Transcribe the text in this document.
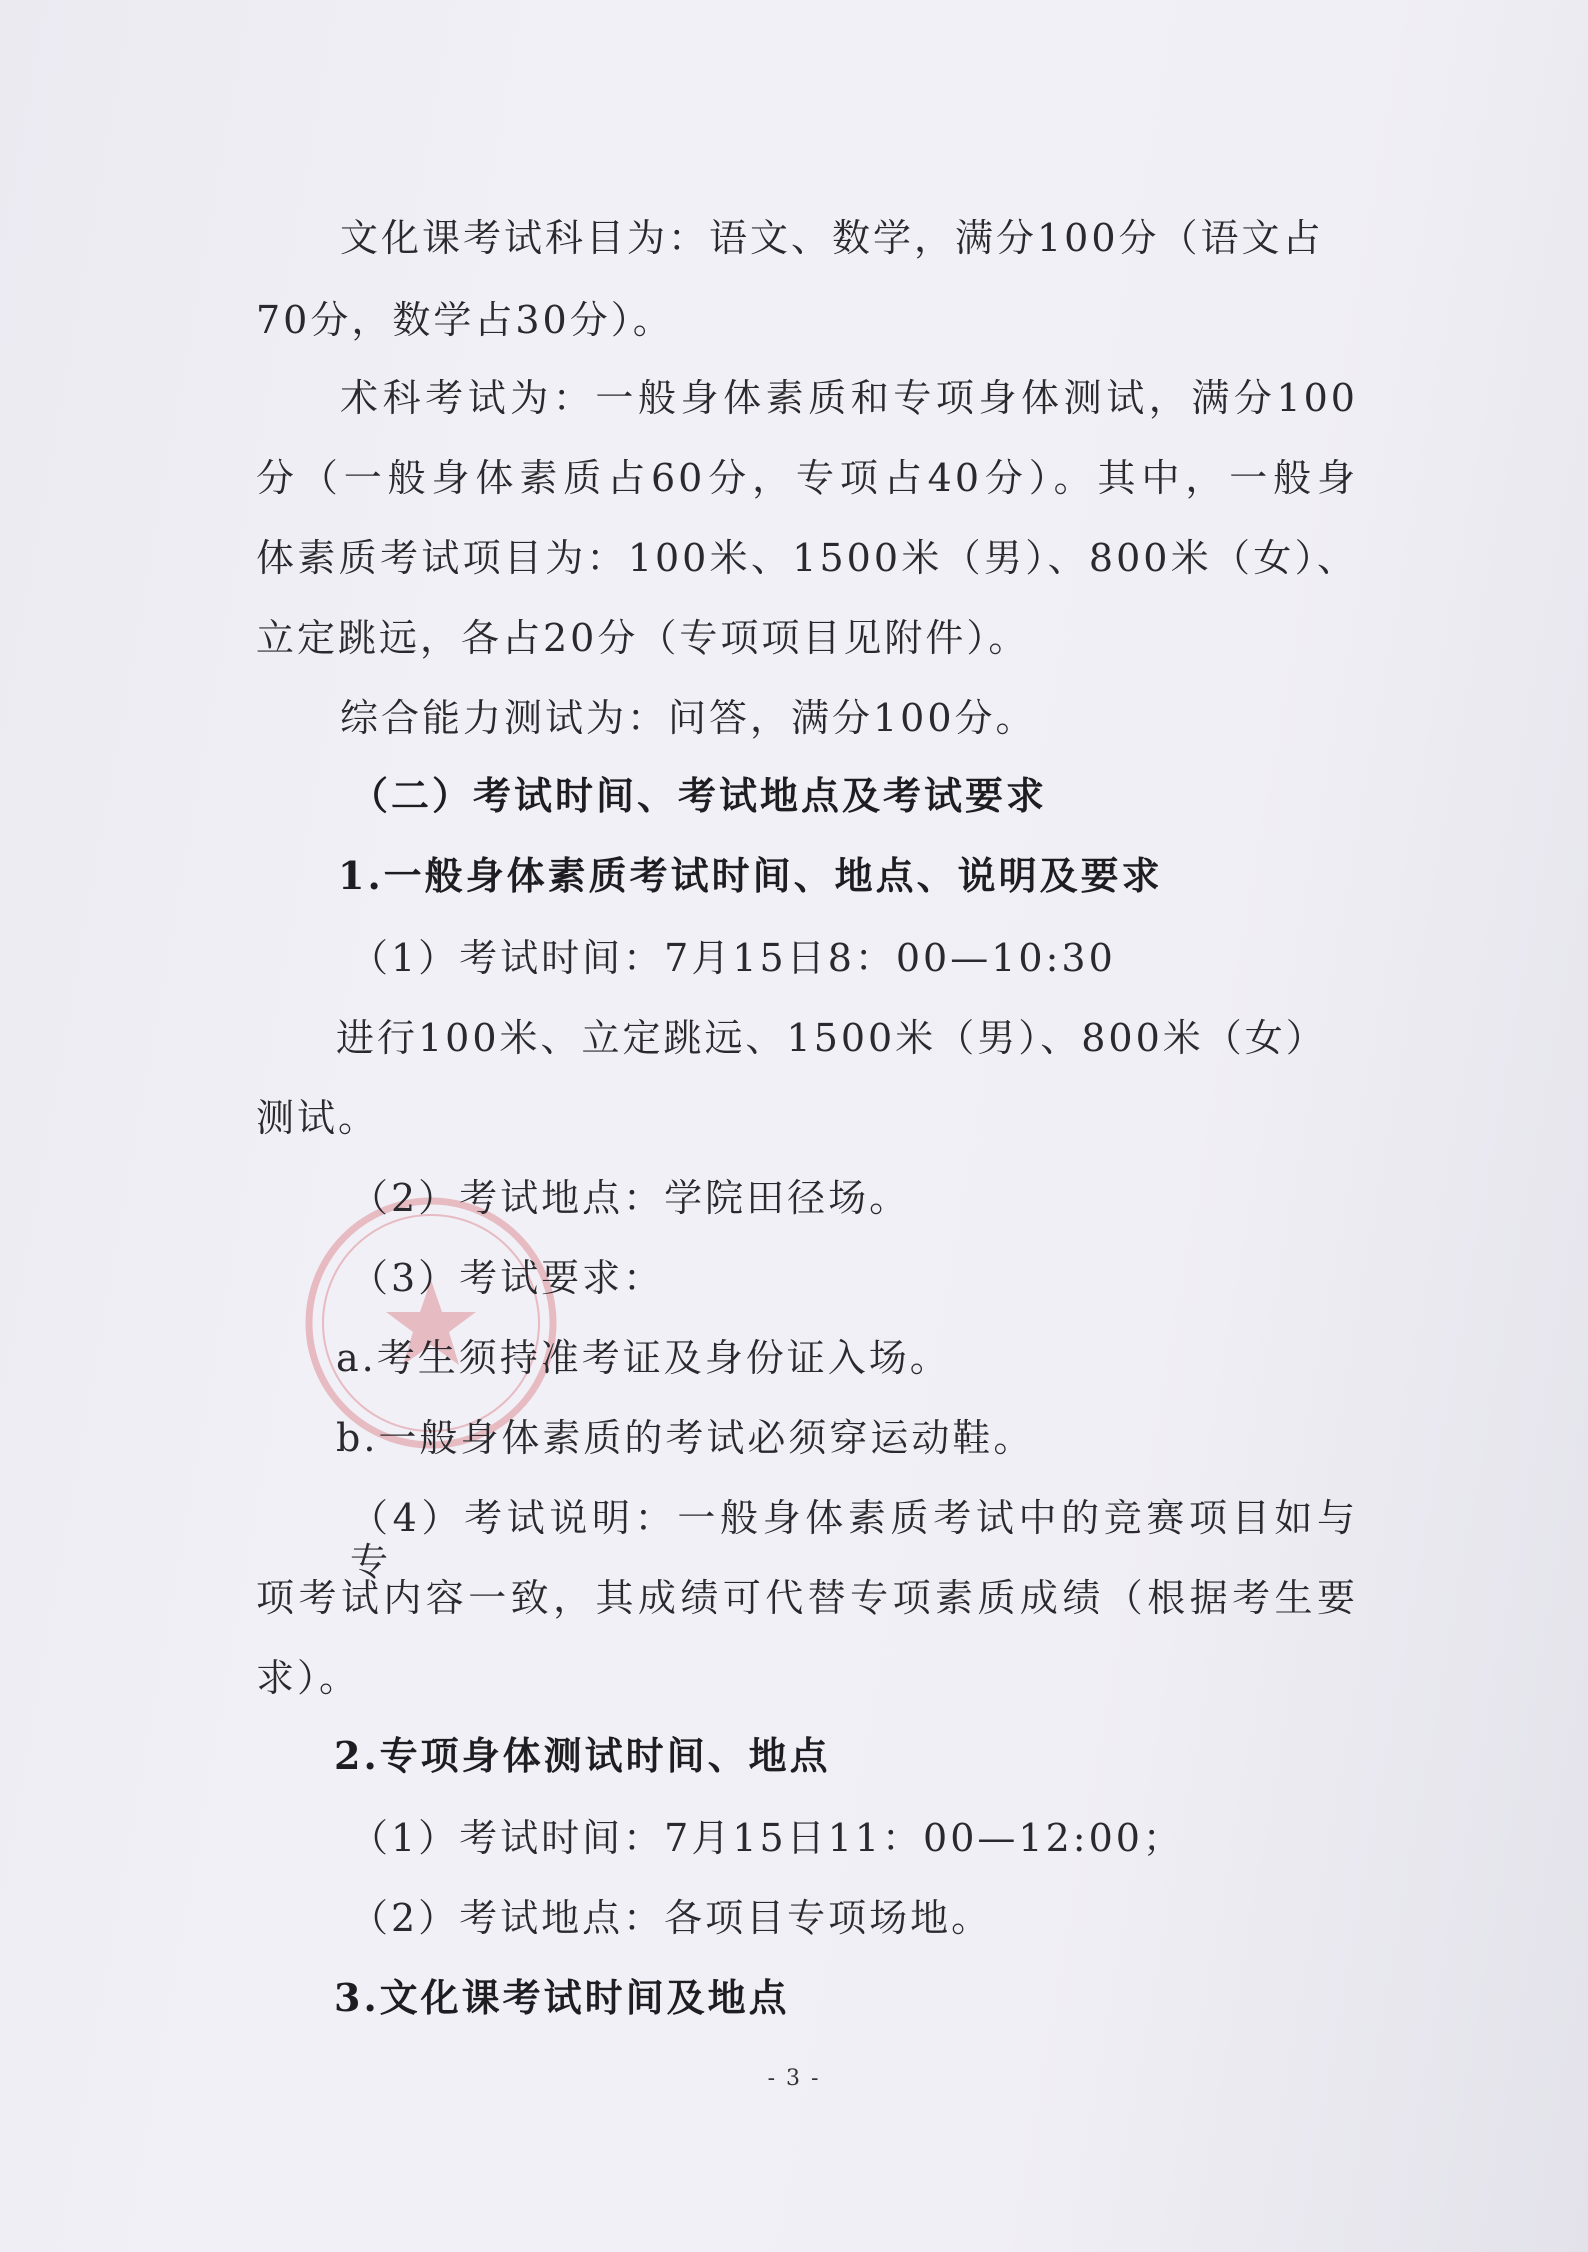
文化课考试科目为：语文、数学，满分100分（语文占
70分，数学占30分）。
术科考试为：一般身体素质和专项身体测试，满分100
分（一般身体素质占60分，专项占40分）。其中，一般身
体素质考试项目为：100米、1500米（男）、800米（女）、
立定跳远，各占20分（专项项目见附件）。
综合能力测试为：问答，满分100分。
（二）考试时间、考试地点及考试要求
1.一般身体素质考试时间、地点、说明及要求
（1）考试时间：7月15日8：00—10:30
进行100米、立定跳远、1500米（男）、800米（女）
测试。
（2）考试地点：学院田径场。
（3）考试要求：
a.考生须持准考证及身份证入场。
b.一般身体素质的考试必须穿运动鞋。
（4）考试说明：一般身体素质考试中的竞赛项目如与专
项考试内容一致，其成绩可代替专项素质成绩（根据考生要
求）。
2.专项身体测试时间、地点
（1）考试时间：7月15日11：00—12:00；
（2）考试地点：各项目专项场地。
3.文化课考试时间及地点
- 3 -
